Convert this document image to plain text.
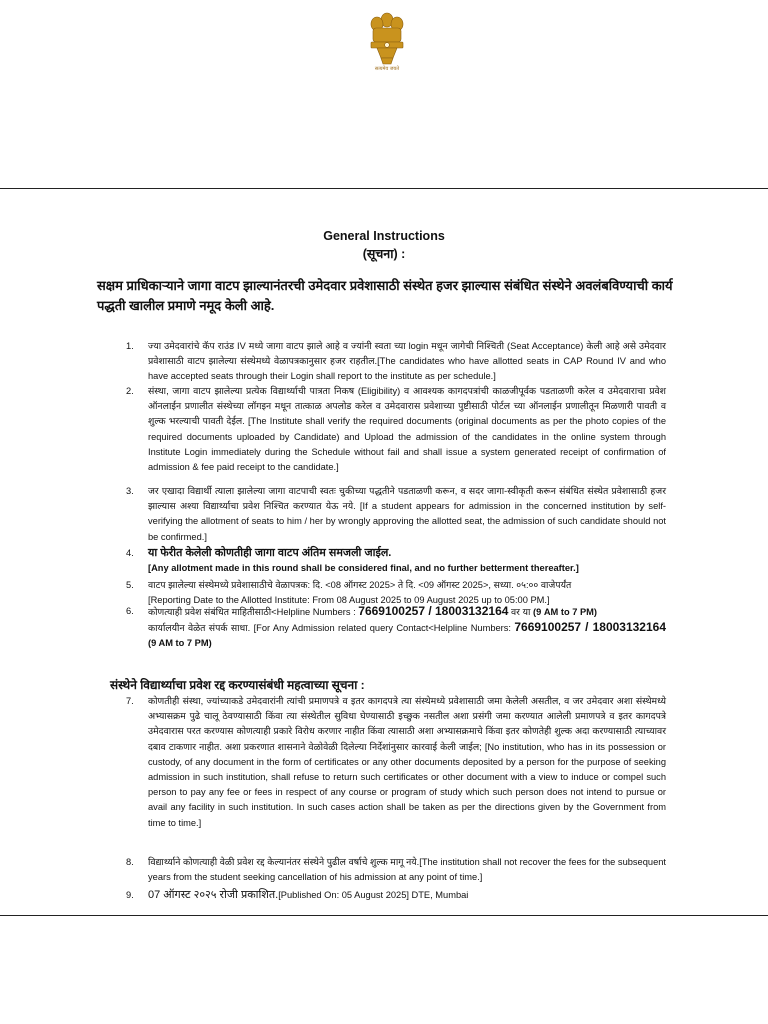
सत्यमेव जयते
General Instructions
(सूचना) :
सक्षम प्राधिकाऱ्याने जागा वाटप झाल्यानंतरची उमेदवार प्रवेशासाठी संस्थेत हजर झाल्यास संबंधित संस्थेने अवलंबविण्याची कार्य पद्धती खालील प्रमाणे नमूद केली आहे.
1. ज्या उमेदवारांचे कॅप राउंड IV मध्ये जागा वाटप झाले आहे व ज्यांनी स्वता च्या login मधून जागेची निश्चिती (Seat Acceptance) केली आहे असे उमेदवार प्रवेशासाठी वाटप झालेल्या संस्थेमध्ये वेळापत्रकानुसार हजर राहतील.[The candidates who have allotted seats in CAP Round IV and who have accepted seats through their Login shall report to the institute as per schedule.]
2. संस्था, जागा वाटप झालेल्या प्रत्येक विद्यार्थ्याची पात्रता निकष (Eligibility) व आवश्यक कागदपत्रांची काळजीपूर्वक पडताळणी करेल व उमेदवाराचा प्रवेश ऑनलाईन प्रणालीत संस्थेच्या लॉगइन मधून तात्काळ अपलोड करेल व उमेदवारास प्रवेशाच्या पुष्टीसाठी पोर्टल च्या ऑनलाईन प्रणालीतून मिळणारी पावती व शुल्क भरल्याची पावती देईल. [The Institute shall verify the required documents (original documents as per the photo copies of the required documents uploaded by Candidate) and Upload the admission of the candidates in the online system through Institute Login immediately during the Schedule without fail and shall issue a system generated receipt of confirmation of admission & fee paid receipt to the candidate.]
3. जर एखादा विद्यार्थी त्याला झालेल्या जागा वाटपाची स्वतः चुकीच्या पद्धतीने पडताळणी करून, व सदर जागा-स्वीकृती करून संबंधित संस्थेत प्रवेशासाठी हजर झाल्यास अश्या विद्यार्थ्याचा प्रवेश निश्चित करण्यात येऊ नये. [If a student appears for admission in the concerned institution by self-verifying the allotment of seats to him / her by wrongly approving the allotted seat, the admission of such candidate should not be confirmed.]
4. या फेरीत केलेली कोणतीही जागा वाटप अंतिम समजली जाईल.
[Any allotment made in this round shall be considered final, and no further betterment thereafter.]
5. वाटप झालेल्या संस्थेमध्ये प्रवेशासाठीचे वेळापत्रक: दि. <08 ऑगस्ट 2025> ते दि. <09 ऑगस्ट 2025>, सध्या. ०५:०० वाजेपर्यंत
[Reporting Date to the Allotted Institute: From 08 August 2025 to 09 August 2025 up to 05:00 PM.]
6. कोणत्याही प्रवेश संबंधित माहितीसाठी<Helpline Numbers : 7669100257 / 18003132164 वर या (9 AM to 7 PM)
कार्यालयीन वेळेत संपर्क साधा. [For Any Admission related query Contact<Helpline Numbers: 7669100257 / 18003132164 (9 AM to 7 PM)
संस्थेने विद्यार्थ्याचा प्रवेश रद्द करण्यासंबंधी महत्वाच्या सूचना :
7. कोणतीही संस्था, ज्यांच्याकडे उमेदवारांनी त्यांची प्रमाणपत्रे व इतर कागदपत्रे त्या संस्थेमध्ये प्रवेशासाठी जमा केलेली असतील, व जर उमेदवार अशा संस्थेमध्ये अभ्यासक्रम पुढे चालू ठेवण्यासाठी किंवा त्या संस्थेतील सुविधा घेण्यासाठी इच्छुक नसतील अशा प्रसंगी जमा करण्यात आलेली प्रमाणपत्रे व इतर कागदपत्रे उमेदवारास परत करण्यास कोणत्याही प्रकारे विरोध करणार नाहीत किंवा त्यासाठी अशा अभ्यासक्रमाचे किंवा इतर कोणतेही शुल्क अदा करण्यासाठी त्याच्यावर दबाव टाकणार नाहीत. अशा प्रकरणात शासनाने वेळोवेळी दिलेल्या निर्देशांनुसार कारवाई केली जाईल; [No institution, who has in its possession or custody, of any document in the form of certificates or any other documents deposited by a person for the purpose of seeking admission in such institution, shall refuse to return such certificates or other document with a view to induce or compel such person to pay any fee or fees in respect of any course or program of study which such person does not intend to pursue or avail any facility in such institution. In such cases action shall be taken as per the directions given by the Government from time to time.]
8. विद्यार्थ्याने कोणत्याही वेळी प्रवेश रद्द केल्यानंतर संस्थेने पुढील वर्षाचे शुल्क मागू नये.[The institution shall not recover the fees for the subsequent years from the student seeking cancellation of his admission at any point of time.]
9. 07 ऑगस्ट २०२५ रोजी प्रकाशित.[Published On: 05 August 2025] DTE, Mumbai
